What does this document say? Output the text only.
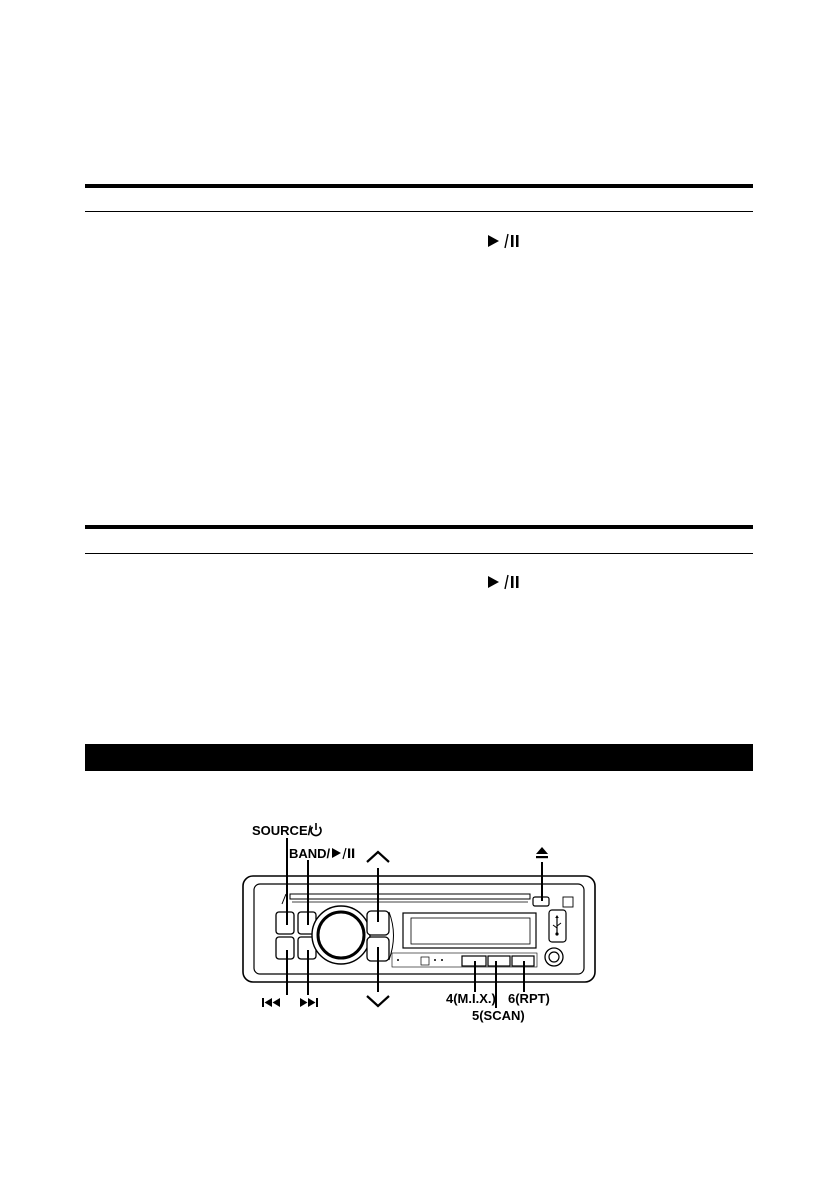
SOURCE/
BAND/
4(M.I.X.) 6(RPT)
5(SCAN)
